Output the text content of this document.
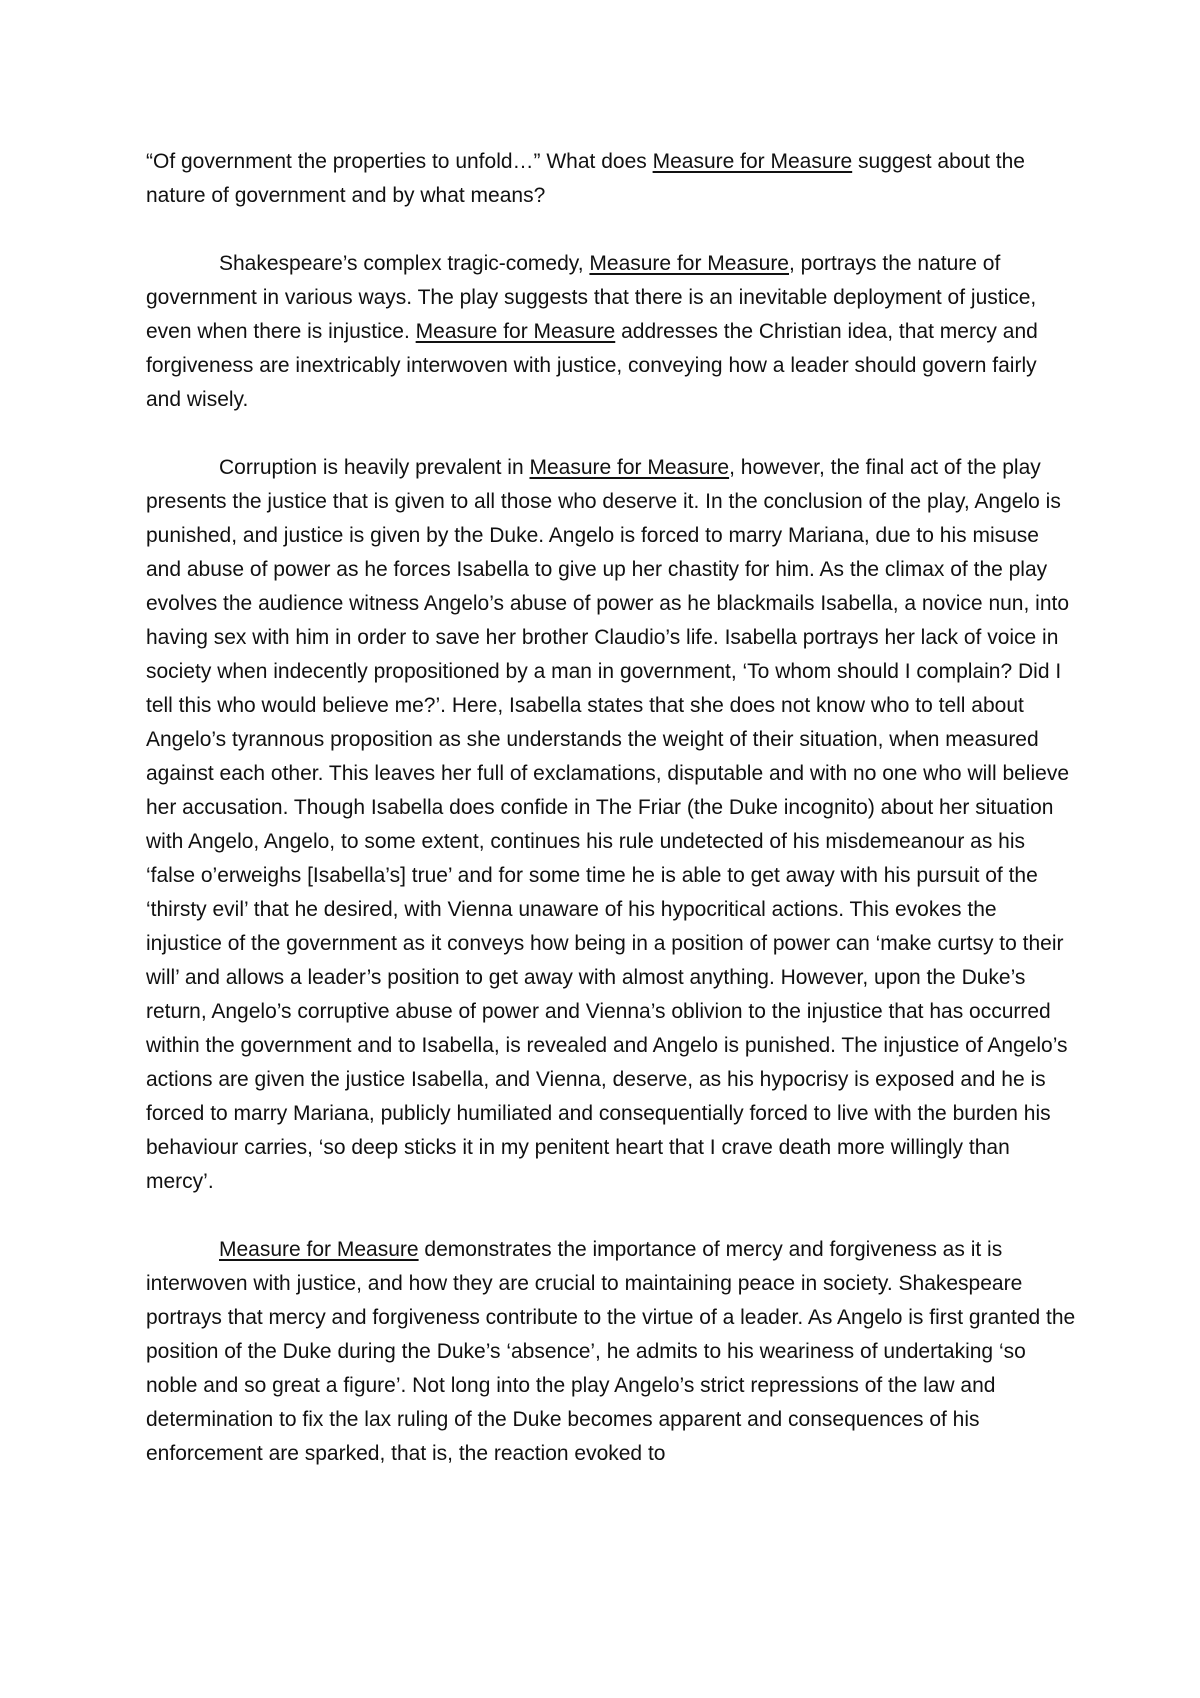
“Of government the properties to unfold…” What does Measure for Measure suggest about the nature of government and by what means?

Shakespeare’s complex tragic-comedy, Measure for Measure, portrays the nature of government in various ways. The play suggests that there is an inevitable deployment of justice, even when there is injustice. Measure for Measure addresses the Christian idea, that mercy and forgiveness are inextricably interwoven with justice, conveying how a leader should govern fairly and wisely.

Corruption is heavily prevalent in Measure for Measure, however, the final act of the play presents the justice that is given to all those who deserve it. In the conclusion of the play, Angelo is punished, and justice is given by the Duke. Angelo is forced to marry Mariana, due to his misuse and abuse of power as he forces Isabella to give up her chastity for him. As the climax of the play evolves the audience witness Angelo’s abuse of power as he blackmails Isabella, a novice nun, into having sex with him in order to save her brother Claudio’s life. Isabella portrays her lack of voice in society when indecently propositioned by a man in government, ‘To whom should I complain? Did I tell this who would believe me?’. Here, Isabella states that she does not know who to tell about Angelo’s tyrannous proposition as she understands the weight of their situation, when measured against each other. This leaves her full of exclamations, disputable and with no one who will believe her accusation. Though Isabella does confide in The Friar (the Duke incognito) about her situation with Angelo, Angelo, to some extent, continues his rule undetected of his misdemeanour as his ‘false o’erweighs [Isabella’s] true’ and for some time he is able to get away with his pursuit of the ‘thirsty evil’ that he desired, with Vienna unaware of his hypocritical actions. This evokes the injustice of the government as it conveys how being in a position of power can ‘make curtsy to their will’ and allows a leader’s position to get away with almost anything. However, upon the Duke’s return, Angelo’s corruptive abuse of power and Vienna’s oblivion to the injustice that has occurred within the government and to Isabella, is revealed and Angelo is punished. The injustice of Angelo’s actions are given the justice Isabella, and Vienna, deserve, as his hypocrisy is exposed and he is forced to marry Mariana, publicly humiliated and consequentially forced to live with the burden his behaviour carries, ‘so deep sticks it in my penitent heart that I crave death more willingly than mercy’.

Measure for Measure demonstrates the importance of mercy and forgiveness as it is interwoven with justice, and how they are crucial to maintaining peace in society. Shakespeare portrays that mercy and forgiveness contribute to the virtue of a leader. As Angelo is first granted the position of the Duke during the Duke’s ‘absence’, he admits to his weariness of undertaking ‘so noble and so great a figure’. Not long into the play Angelo’s strict repressions of the law and determination to fix the lax ruling of the Duke becomes apparent and consequences of his enforcement are sparked, that is, the reaction evoked to
